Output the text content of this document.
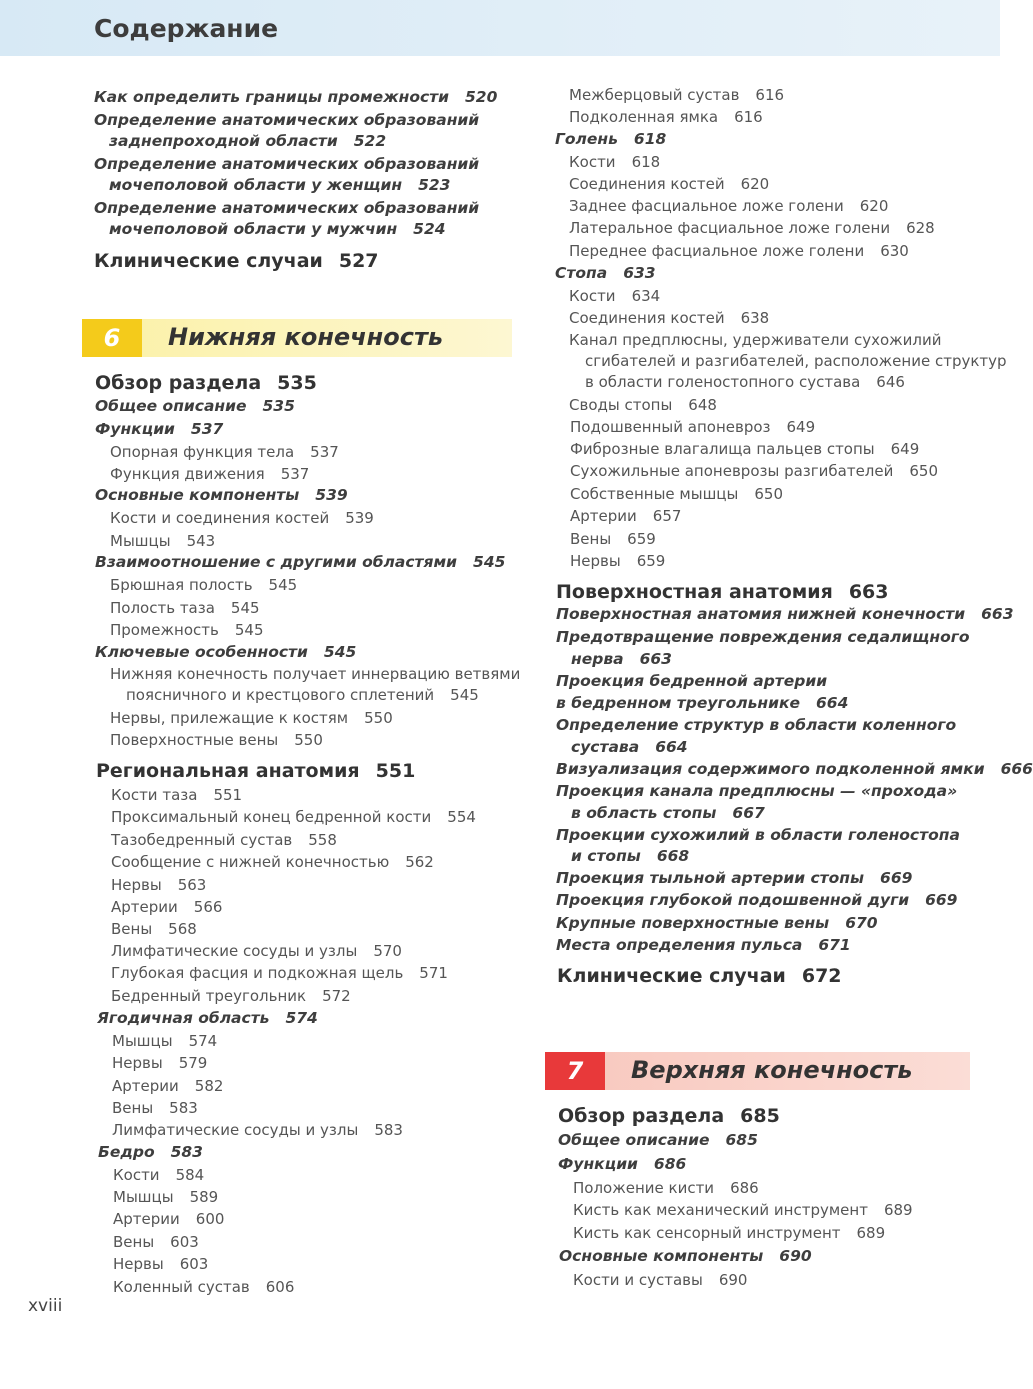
Содержание
6	Нижняя конечность
7	Верхняя конечность
Как определить границы промежности 520
Определение анатомических образований
заднепроходной области 522
Определение анатомических образований
мочеполовой области у женщин 523
Определение анатомических образований
мочеполовой области у мужчин 524
Клинические случаи 527
Обзор раздела 535
Общее описание 535
Функции 537
Опорная функция тела 537
Функция движения 537
Основные компоненты 539
Кости и соединения костей 539
Мышцы 543
Взаимоотношение с другими областями 545
Брюшная полость 545
Полость таза 545
Промежность 545
Ключевые особенности 545
Нижняя конечность получает иннервацию ветвями
поясничного и крестцового сплетений 545
Нервы, прилежащие к костям 550
Поверхностные вены 550
Региональная анатомия 551
Кости таза 551
Проксимальный конец бедренной кости 554
Тазобедренный сустав 558
Сообщение с нижней конечностью 562
Нервы 563
Артерии 566
Вены 568
Лимфатические сосуды и узлы 570
Глубокая фасция и подкожная щель 571
Бедренный треугольник 572
Ягодичная область 574
Мышцы 574
Нервы 579
Артерии 582
Вены 583
Лимфатические сосуды и узлы 583
Бедро 583
Кости 584
Мышцы 589
Артерии 600
Вены 603
Нервы 603
Коленный сустав 606
Межберцовый сустав 616
Подколенная ямка 616
Голень 618
Кости 618
Соединения костей 620
Заднее фасциальное ложе голени 620
Латеральное фасциальное ложе голени 628
Переднее фасциальное ложе голени 630
Стопа 633
Кости 634
Соединения костей 638
Канал предплюсны, удерживатели сухожилий
сгибателей и разгибателей, расположение структур
в области голеностопного сустава 646
Своды стопы 648
Подошвенный апоневроз 649
Фиброзные влагалища пальцев стопы 649
Сухожильные апоневрозы разгибателей 650
Собственные мышцы 650
Артерии 657
Вены 659
Нервы 659
Поверхностная анатомия 663
Поверхностная анатомия нижней конечности 663
Предотвращение повреждения седалищного
нерва 663
Проекция бедренной артерии
в бедренном треугольнике 664
Определение структур в области коленного
сустава 664
Визуализация содержимого подколенной ямки 666
Проекция канала предплюсны — «прохода»
в область стопы 667
Проекции сухожилий в области голеностопа
и стопы 668
Проекция тыльной артерии стопы 669
Проекция глубокой подошвенной дуги 669
Крупные поверхностные вены 670
Места определения пульса 671
Клинические случаи 672
Обзор раздела 685
Общее описание 685
Функции 686
Положение кисти 686
Кисть как механический инструмент 689
Кисть как сенсорный инструмент 689
Основные компоненты 690
Кости и суставы 690
xviii
